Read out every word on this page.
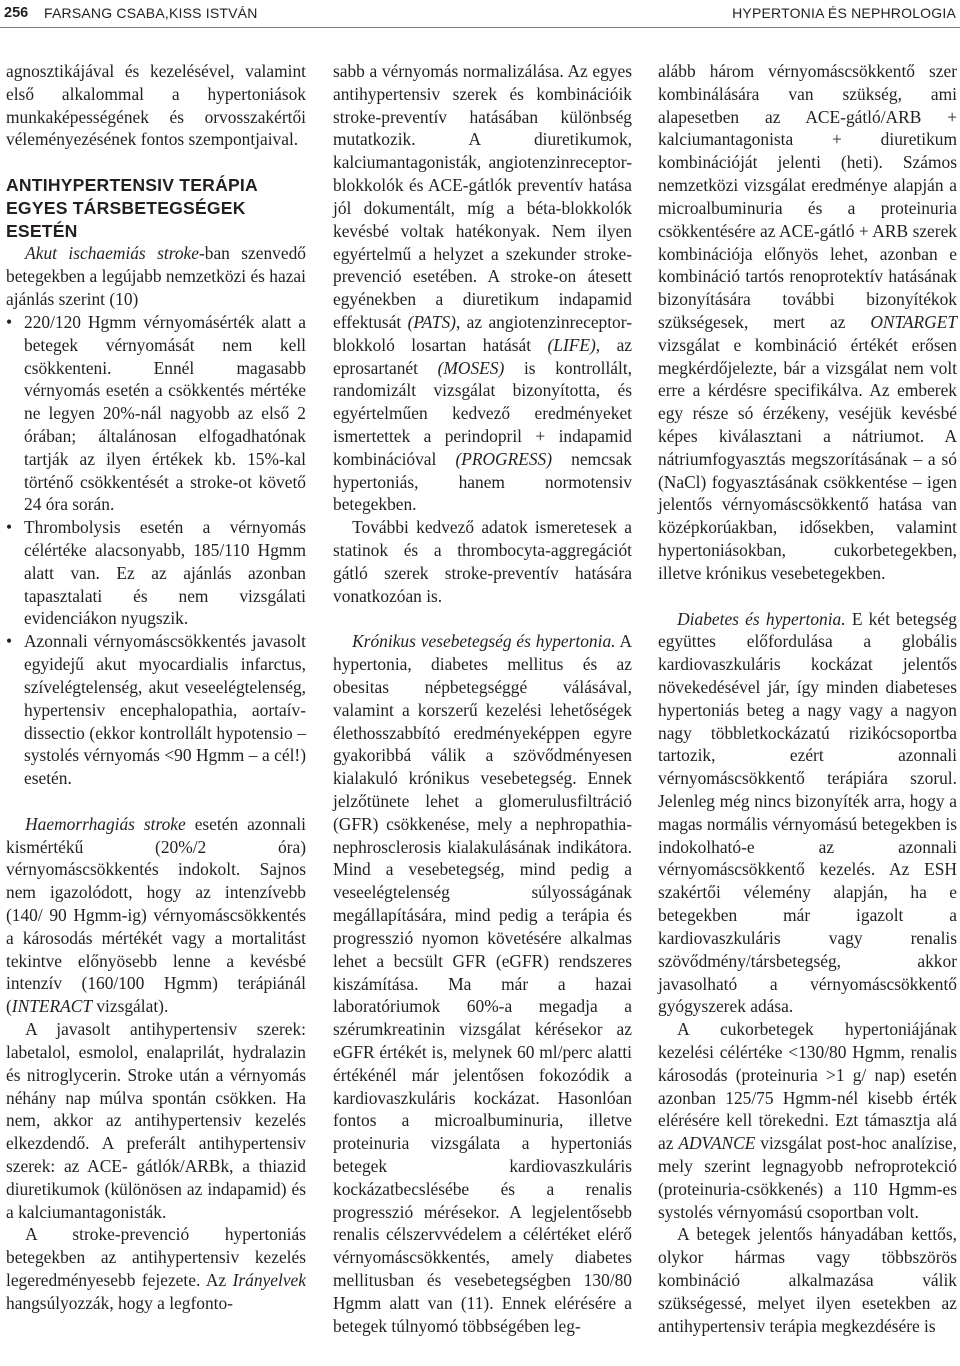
256 FARSANG CSABA,KISS ISTVÁN	HYPERTONIA ÉS NEPHROLOGIA

agnosztikájával és kezelésével, valamint első alkalommal a hypertoniások munkaképességének és orvosszakértői véleményezésének fontos szempontjaival.

ANTIHYPERTENSIV TERÁPIA
EGYES TÁRSBETEGSÉGEK ESETÉN

Akut ischaemiás stroke-ban szenvedő betegekben a legújabb nemzetközi és hazai ajánlás szerint (10)

• 220/120 Hgmm vérnyomásérték alatt a betegek vérnyomását nem kell csökkenteni. Ennél magasabb vérnyomás esetén a csökkentés mértéke ne legyen 20%-nál nagyobb az első 2 órában; általánosan elfogadhatónak tartják az ilyen értékek kb. 15%-kal történő csökkentését a stroke-ot követő 24 óra során.
• Thrombolysis esetén a vérnyomás célértéke alacsonyabb, 185/110 Hgmm alatt van. Ez az ajánlás azonban tapasztalati és nem vizsgálati evidenciákon nyugszik.
• Azonnali vérnyomáscsökkentés javasolt egyidejű akut myocardialis infarctus, szívelégtelenség, akut veseelégtelenség, hypertensiv encephalopathia, aortaív-dissectio (ekkor kontrollált hypotensio – systolés vérnyomás <90 Hgmm – a cél!) esetén.

Haemorrhagiás stroke esetén azonnali kismértékű (20%/2 óra) vérnyomáscsökkentés indokolt. Sajnos nem igazolódott, hogy az intenzívebb (140/ 90 Hgmm-ig) vérnyomáscsökkentés a károsodás mértékét vagy a mortalitást tekintve előnyösebb lenne a kevésbé intenzív (160/100 Hgmm) terápiánál (INTERACT vizsgálat).

A javasolt antihypertensiv szerek: labetalol, esmolol, enalaprilát, hydralazin és nitroglycerin. Stroke után a vérnyomás néhány nap múlva spontán csökken. Ha nem, akkor az antihypertensiv kezelés elkezdendő. A preferált antihypertensiv szerek: az ACE- gátlók/ARBk, a thiazid diuretikumok (különösen az indapamid) és a kalciumantagonisták.

A stroke-prevenció hypertoniás betegekben az antihypertensiv kezelés legeredményesebb fejezete. Az Irányelvek hangsúlyozzák, hogy a legfonto-

sabb a vérnyomás normalizálása. Az egyes antihypertensiv szerek és kombinációik stroke-preventív hatásában különbség mutatkozik. A diuretikumok, kalciumantagonisták, angiotenzinreceptor-blokkolók és ACE-gátlók preventív hatása jól dokumentált, míg a béta-blokkolók kevésbé voltak hatékonyak. Nem ilyen egyértelmű a helyzet a szekunder stroke-prevenció esetében. A stroke-on átesett egyénekben a diuretikum indapamid effektusát (PATS), az angiotenzinreceptor-blokkoló losartan hatását (LIFE), az eprosartanét (MOSES) is kontrollált, randomizált vizsgálat bizonyította, és egyértelműen kedvező eredményeket ismertettek a perindopril + indapamid kombinációval (PROGRESS) nemcsak hypertoniás, hanem normotensiv betegekben.

További kedvező adatok ismeretesek a statinok és a thrombocyta-aggregációt gátló szerek stroke-preventív hatására vonatkozóan is.

Krónikus vesebetegség és hypertonia. A hypertonia, diabetes mellitus és az obesitas népbetegséggé válásával, valamint a korszerű kezelési lehetőségek élethosszabbító eredményeképpen egyre gyakoribbá válik a szövődményesen kialakuló krónikus vesebetegség. Ennek jelzőtünete lehet a glomerulusfiltráció (GFR) csökkenése, mely a nephropathia-nephrosclerosis kialakulásának indikátora. Mind a vesebetegség, mind pedig a veseelégtelenség súlyosságának megállapítására, mind pedig a terápia és progresszió nyomon követésére alkalmas lehet a becsült GFR (eGFR) rendszeres kiszámítása. Ma már a hazai laboratóriumok 60%-a megadja a szérumkreatinin vizsgálat kérésekor az eGFR értékét is, melynek 60 ml/perc alatti értékénél már jelentősen fokozódik a kardiovaszkuláris kockázat. Hasonlóan fontos a microalbuminuria, illetve proteinuria vizsgálata a hypertoniás betegek kardiovaszkuláris kockázatbecslésébe és a renalis progresszió mérésekor. A legjelentősebb renalis célszervvédelem a célértéket elérő vérnyomáscsökkentés, amely diabetes mellitusban és vesebetegségben 130/80 Hgmm alatt van (11). Ennek elérésére a betegek túlnyomó többségében leg-

alább három vérnyomáscsökkentő szer kombinálására van szükség, ami alapesetben az ACE-gátló/ARB + kalciumantagonista + diuretikum kombinációját jelenti (heti). Számos nemzetközi vizsgálat eredménye alapján a microalbuminuria és a proteinuria csökkentésére az ACE-gátló + ARB szerek kombinációja előnyös lehet, azonban e kombináció tartós renoprotektív hatásának bizonyítására további bizonyítékok szükségesek, mert az ONTARGET vizsgálat e kombináció értékét erősen megkérdőjelezte, bár a vizsgálat nem volt erre a kérdésre specifikálva. Az emberek egy része só érzékeny, veséjük kevésbé képes kiválasztani a nátriumot. A nátriumfogyasztás megszorításának – a só (NaCl) fogyasztásának csökkentése – igen jelentős vérnyomáscsökkentő hatása van középkorúakban, idősekben, valamint hypertoniásokban, cukorbetegekben, illetve krónikus vesebetegekben.

Diabetes és hypertonia. E két betegség együttes előfordulása a globális kardiovaszkuláris kockázat jelentős növekedésével jár, így minden diabeteses hypertoniás beteg a nagy vagy a nagyon nagy többletkockázatú rizikócsoportba tartozik, ezért azonnali vérnyomáscsökkentő terápiára szorul. Jelenleg még nincs bizonyíték arra, hogy a magas normális vérnyomású betegekben is indokolható-e az azonnali vérnyomáscsökkentő kezelés. Az ESH szakértői vélemény alapján, ha e betegekben már igazolt a kardiovaszkuláris vagy renalis szövődmény/társbetegség, akkor javasolható a vérnyomáscsökkentő gyógyszerek adása.

A cukorbetegek hypertoniájának kezelési célértéke <130/80 Hgmm, renalis károsodás (proteinuria >1 g/ nap) esetén azonban 125/75 Hgmm-nél kisebb érték elérésére kell törekedni. Ezt támasztja alá az ADVANCE vizsgálat post-hoc analízise, mely szerint legnagyobb nefroprotekció (proteinuria-csökkenés) a 110 Hgmm-es systolés vérnyomású csoportban volt.

A betegek jelentős hányadában kettős, olykor hármas vagy többszörös kombináció alkalmazása válik szükségessé, melyet ilyen esetekben az antihypertensiv terápia megkezdésére is
